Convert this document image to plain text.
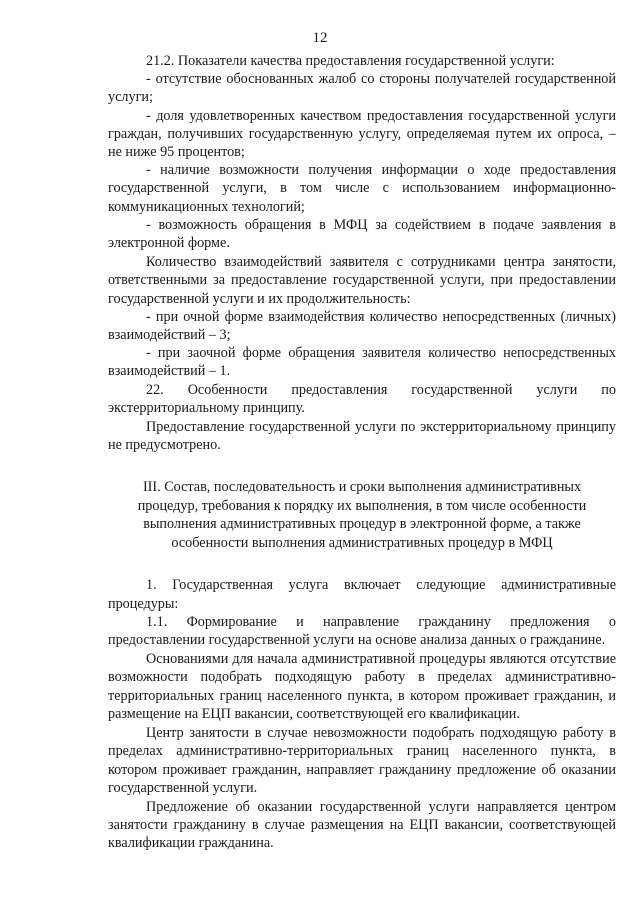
12

21.2. Показатели качества предоставления государственной услуги:

- отсутствие обоснованных жалоб со стороны получателей государственной услуги;

- доля удовлетворенных качеством предоставления государственной услуги граждан, получивших государственную услугу, определяемая путем их опроса, – не ниже 95 процентов;

- наличие возможности получения информации о ходе предоставления государственной услуги, в том числе с использованием информационно-коммуникационных технологий;

- возможность обращения в МФЦ за содействием в подаче заявления в электронной форме.

Количество взаимодействий заявителя с сотрудниками центра занятости, ответственными за предоставление государственной услуги, при предоставлении государственной услуги и их продолжительность:

- при очной форме взаимодействия количество непосредственных (личных) взаимодействий – 3;

- при заочной форме обращения заявителя количество непосредственных взаимодействий – 1.

22. Особенности предоставления государственной услуги по экстерриториальному принципу.

Предоставление государственной услуги по экстерриториальному принципу не предусмотрено.

III. Состав, последовательность и сроки выполнения административных
процедур, требования к порядку их выполнения, в том числе особенности
выполнения административных процедур в электронной форме, а также
особенности выполнения административных процедур в МФЦ

1. Государственная услуга включает следующие административные процедуры:

1.1. Формирование и направление гражданину предложения о предоставлении государственной услуги на основе анализа данных о гражданине.

Основаниями для начала административной процедуры являются отсутствие возможности подобрать подходящую работу в пределах административно-территориальных границ населенного пункта, в котором проживает гражданин, и размещение на ЕЦП вакансии, соответствующей его квалификации.

Центр занятости в случае невозможности подобрать подходящую работу в пределах административно-территориальных границ населенного пункта, в котором проживает гражданин, направляет гражданину предложение об оказании государственной услуги.

Предложение об оказании государственной услуги направляется центром занятости гражданину в случае размещения на ЕЦП вакансии, соответствующей квалификации гражданина.
